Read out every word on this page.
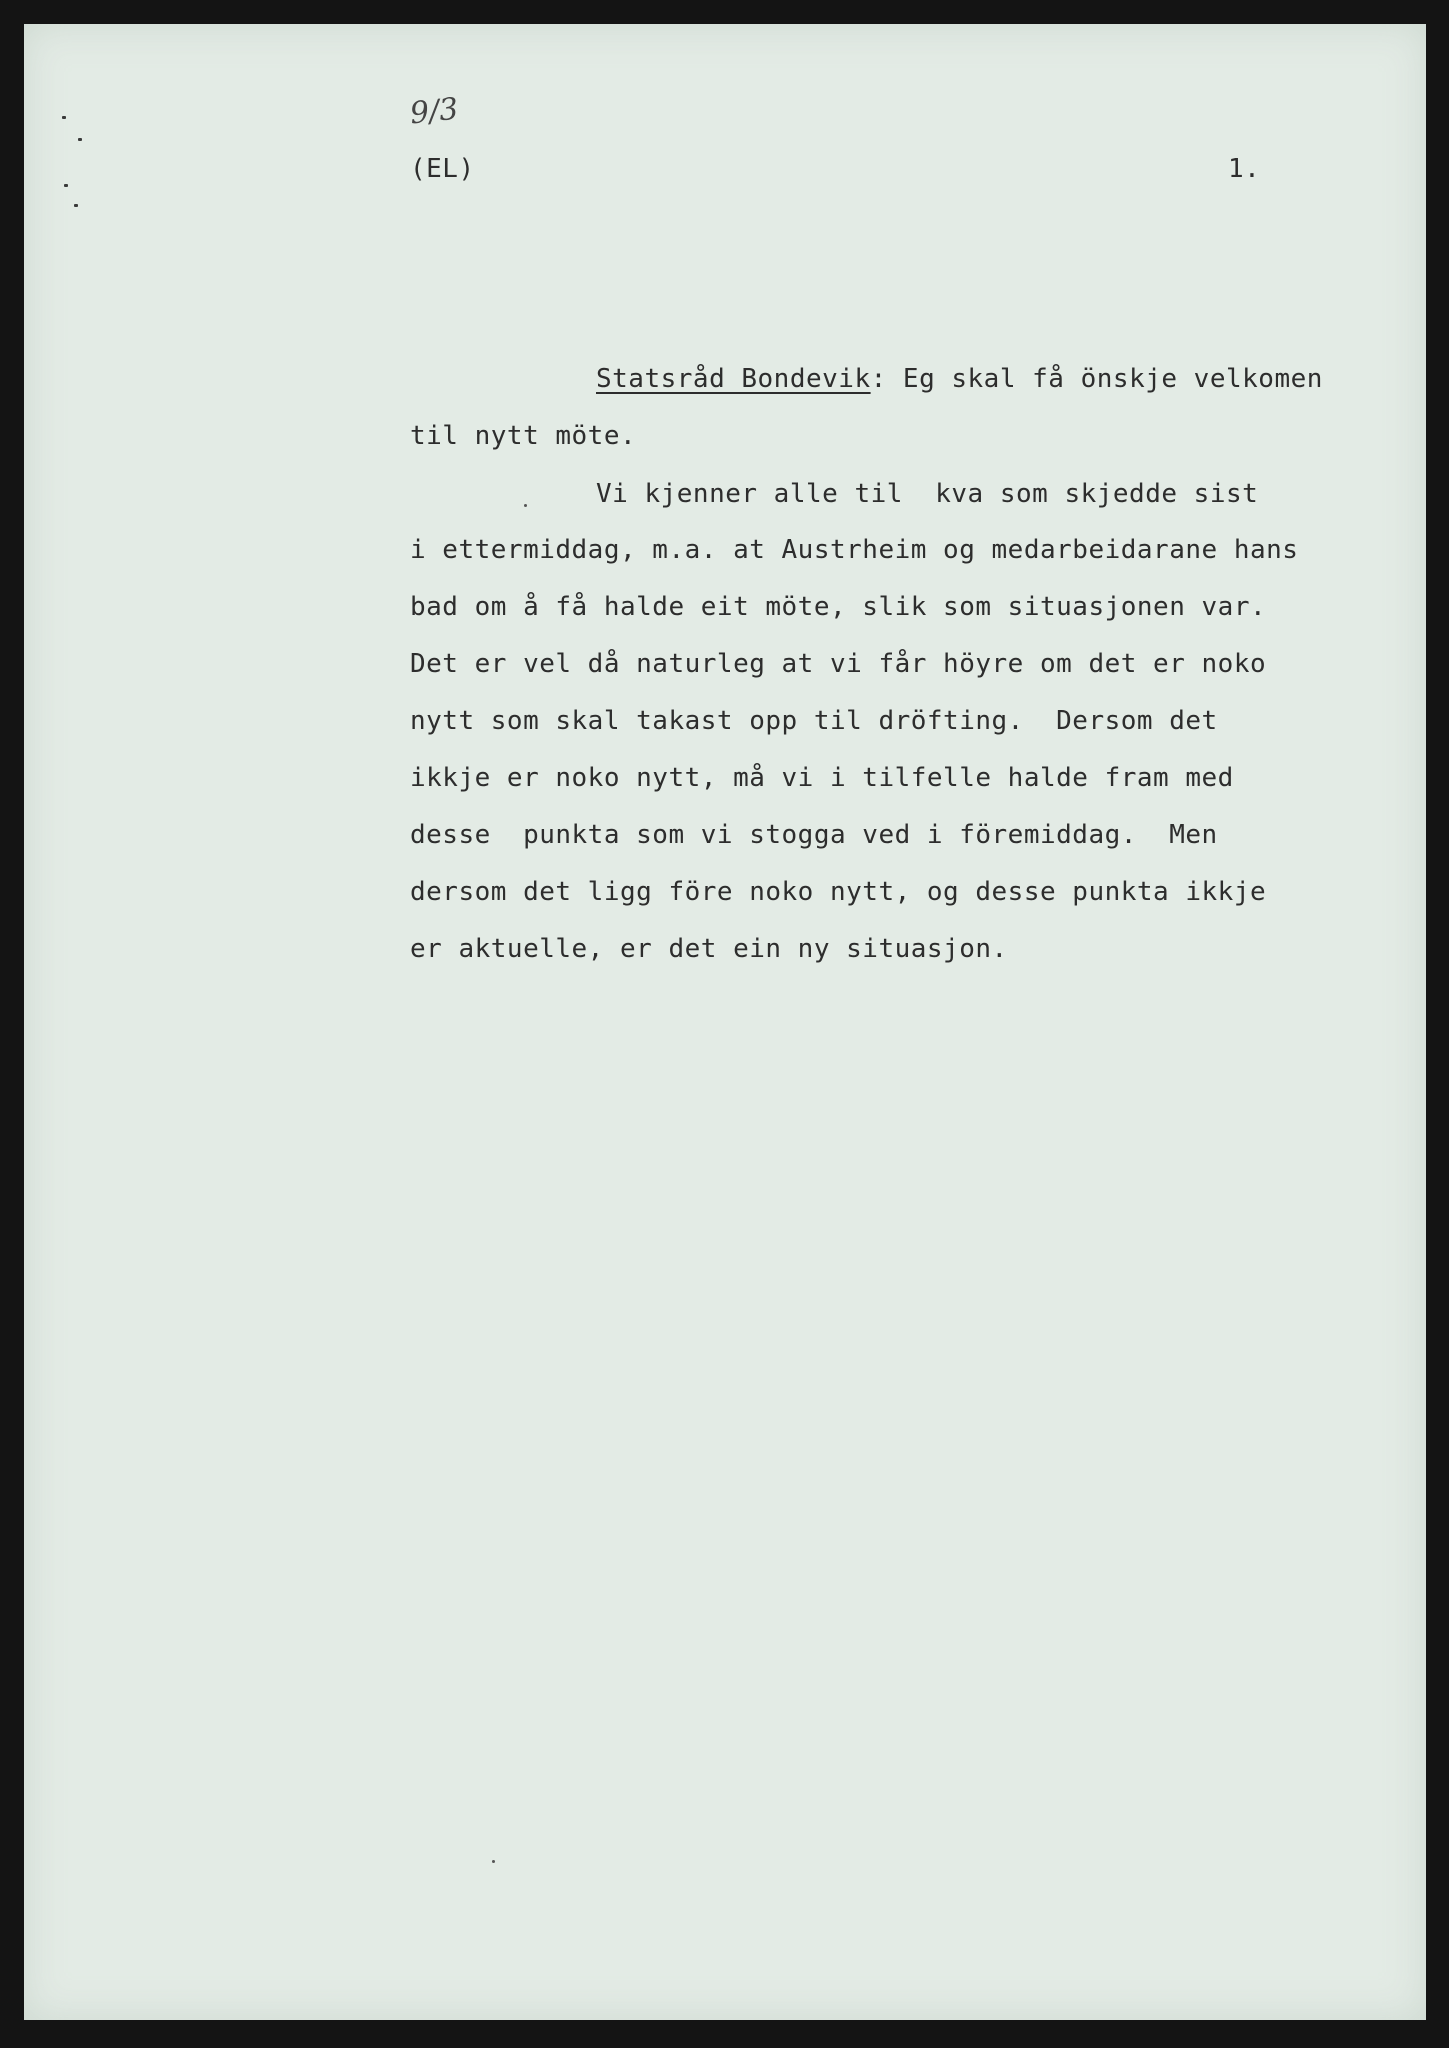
9/3
(EL)	1.
Statsråd Bondevik: Eg skal få önskje velkomen
til nytt möte.
Vi kjenner alle til  kva som skjedde sist
i ettermiddag, m.a. at Austrheim og medarbeidarane hans
bad om å få halde eit möte, slik som situasjonen var.
Det er vel då naturleg at vi får höyre om det er noko
nytt som skal takast opp til dröfting.  Dersom det
ikkje er noko nytt, må vi i tilfelle halde fram med
desse  punkta som vi stogga ved i föremiddag.  Men
dersom det ligg före noko nytt, og desse punkta ikkje
er aktuelle, er det ein ny situasjon.
